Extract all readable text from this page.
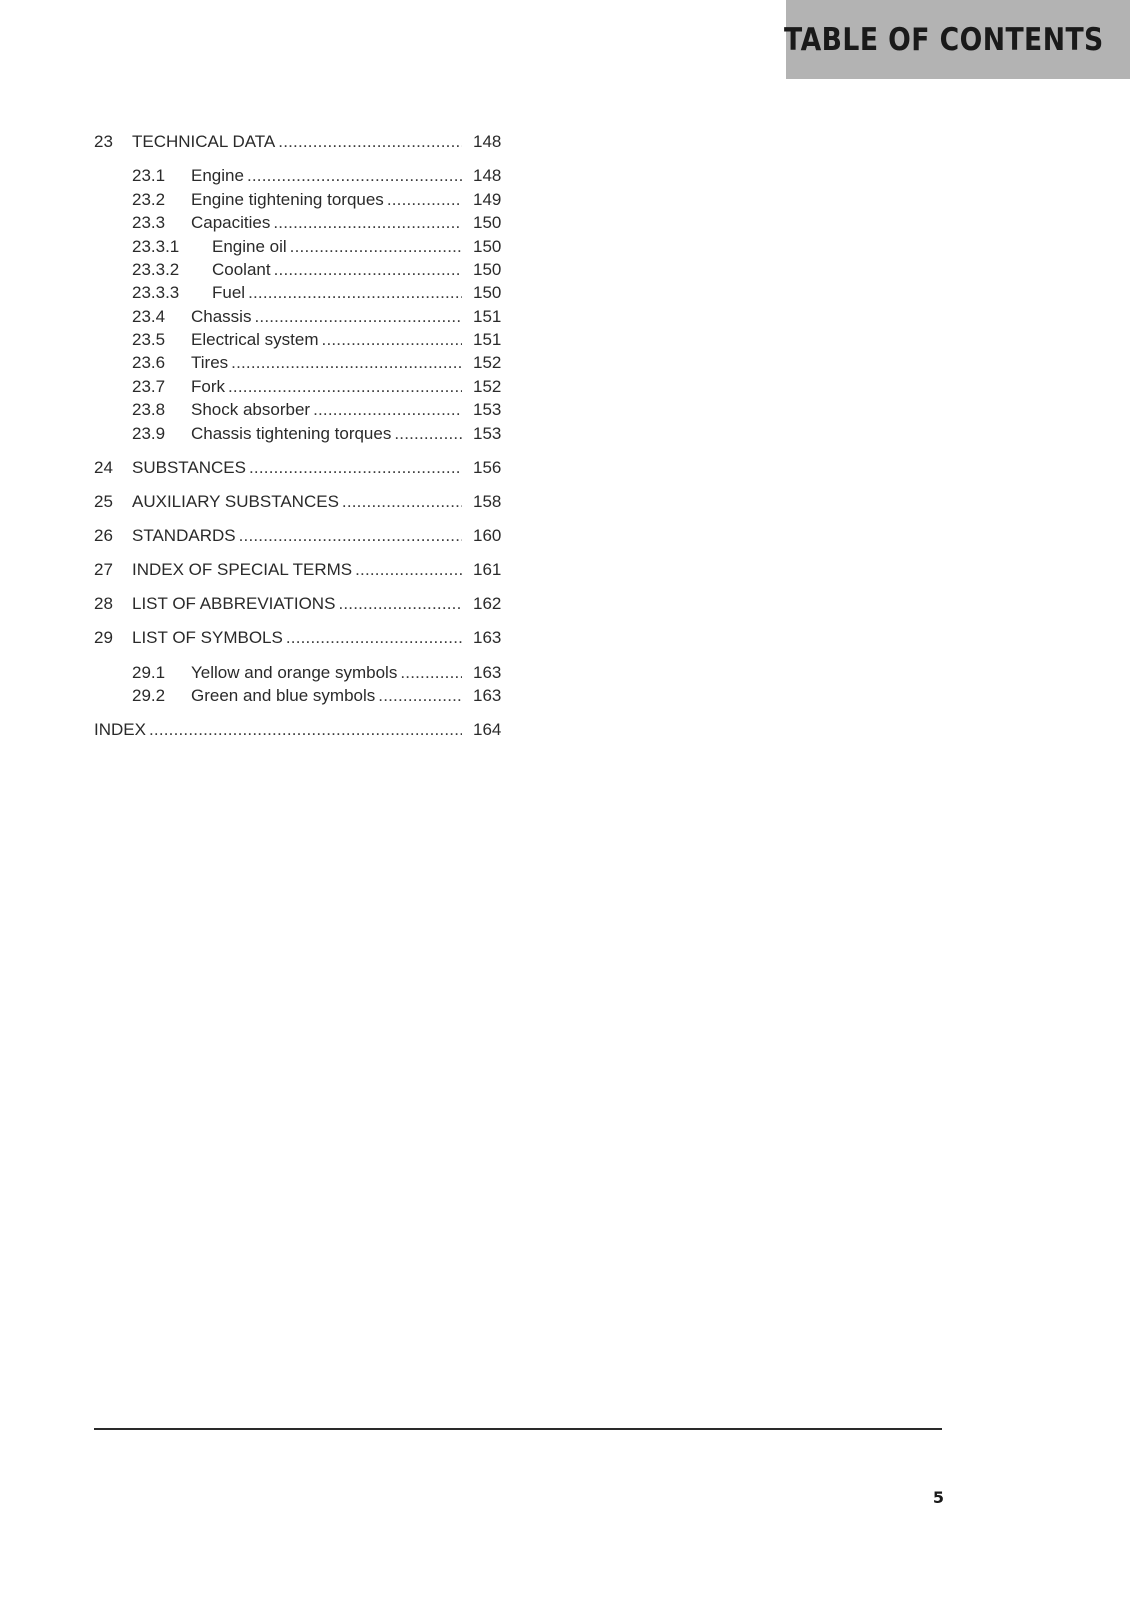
TABLE OF CONTENTS
23 TECHNICAL DATA .....	148
23.1 Engine .....	148
23.2 Engine tightening torques .....	149
23.3 Capacities .....	150
23.3.1 Engine oil .....	150
23.3.2 Coolant .....	150
23.3.3 Fuel .....	150
23.4 Chassis .....	151
23.5 Electrical system .....	151
23.6 Tires .....	152
23.7 Fork .....	152
23.8 Shock absorber .....	153
23.9 Chassis tightening torques .....	153
24 SUBSTANCES .....	156
25 AUXILIARY SUBSTANCES .....	158
26 STANDARDS .....	160
27 INDEX OF SPECIAL TERMS .....	161
28 LIST OF ABBREVIATIONS .....	162
29 LIST OF SYMBOLS .....	163
29.1 Yellow and orange symbols .....	163
29.2 Green and blue symbols .....	163
INDEX .....	164
5
